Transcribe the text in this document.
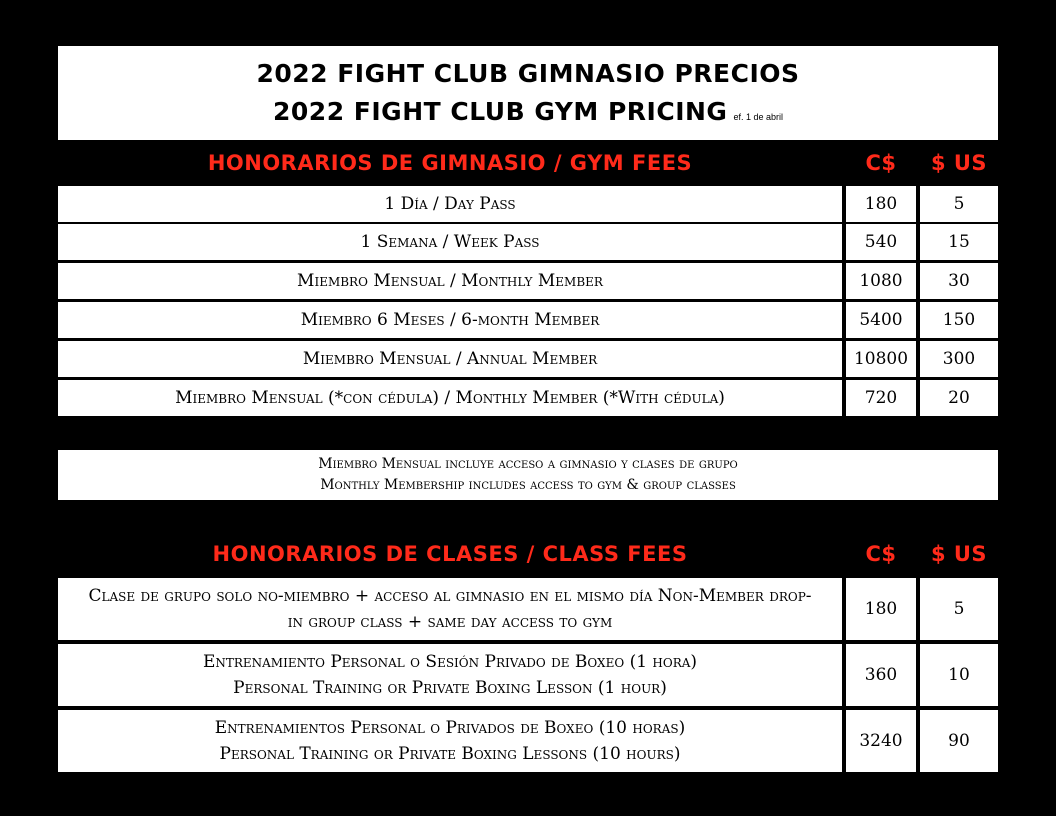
2022 FIGHT CLUB GIMNASIO PRECIOS
2022 FIGHT CLUB GYM PRICING ef. 1 de abril
HONORARIOS DE GIMNASIO / GYM FEES	C$	$ US
1 Día / Day Pass	180	5
1 Semana / Week Pass	540	15
Miembro Mensual / Monthly Member	1080	30
Miembro 6 Meses / 6-month Member	5400	150
Miembro Mensual / Annual Member	10800	300
Miembro Mensual (*con cédula) / Monthly Member (*With cédula)	720	20
Miembro Mensual incluye acceso a gimnasio y clases de grupo
Monthly Membership includes access to gym & group classes
HONORARIOS DE CLASES / CLASS FEES	C$	$ US
Clase de grupo solo no-miembro + acceso al gimnasio en el mismo día Non-Member drop-in group class + same day access to gym
180	5
Entrenamiento Personal o Sesión Privado de Boxeo (1 hora)
Personal Training or Private Boxing Lesson (1 hour)
360	10
Entrenamientos Personal o Privados de Boxeo (10 horas)
Personal Training or Private Boxing Lessons (10 hours)
3240	90
